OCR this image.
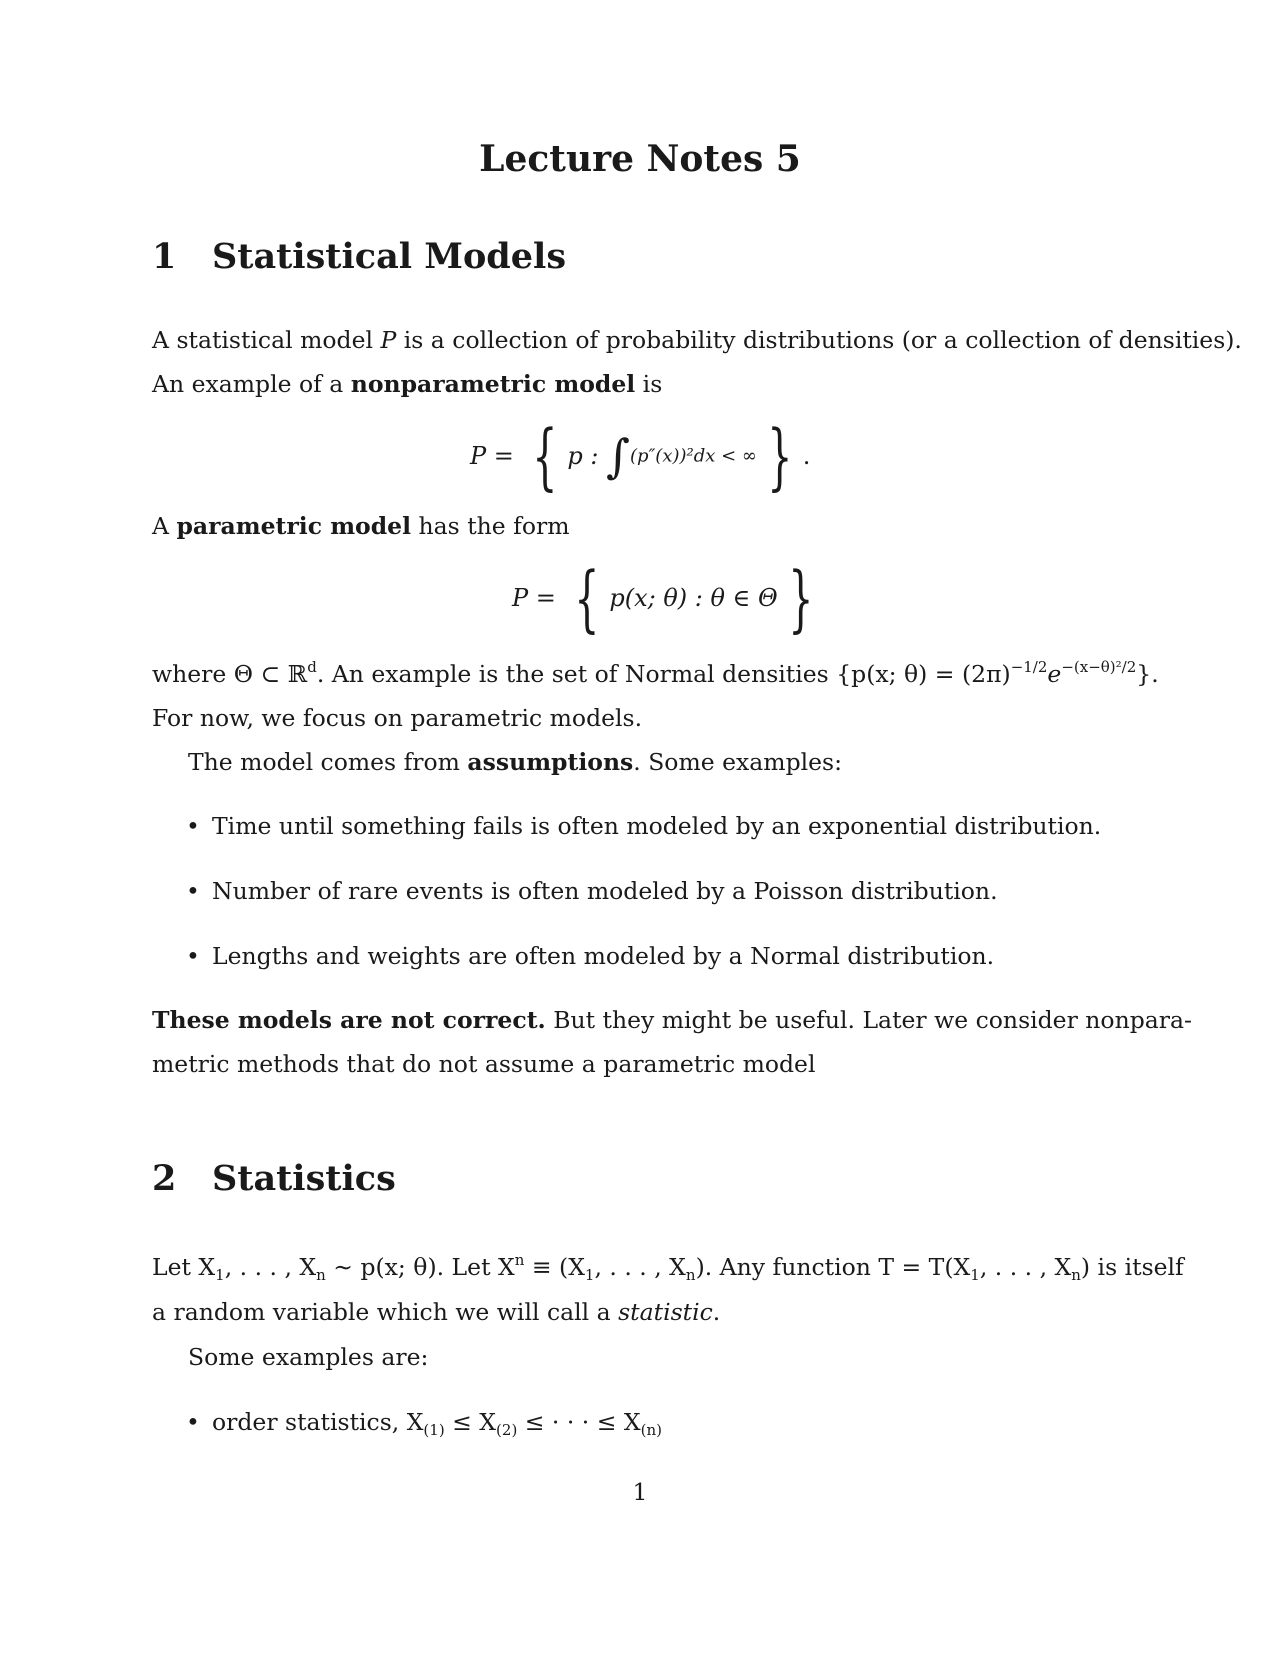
Lecture Notes 5
1 Statistical Models
A statistical model P is a collection of probability distributions (or a collection of densities).
An example of a nonparametric model is
P = { p : ∫(p″(x))²dx < ∞ } .
A parametric model has the form
P = { p(x; θ) : θ ∈ Θ }
where Θ ⊂ ℝ$^d$. An example is the set of Normal densities {p(x; $\theta) = (2\pi)^{-1/2}e^{-(x-\theta)^2/2}$}.
For now, we focus on parametric models.
The model comes from assumptions. Some examples:
• Time until something fails is often modeled by an exponential distribution.
• Number of rare events is often modeled by a Poisson distribution.
• Lengths and weights are often modeled by a Normal distribution.
These models are not correct. But they might be useful. Later we consider nonpara-
metric methods that do not assume a parametric model
2 Statistics
Let $X_1$, . . . , $X_n$ ∼ p(x; θ). Let $X^n \equiv (X_1$, . . . , $X_n$). Any function $T = T(X_1$, . . . , $X_n$) is itself
a random variable which we will call a statistic.
Some examples are:
• order statistics, $X_{(1)} \le X_{(2)}$ ≤ · · · ≤ $X_{(n)}$
1
